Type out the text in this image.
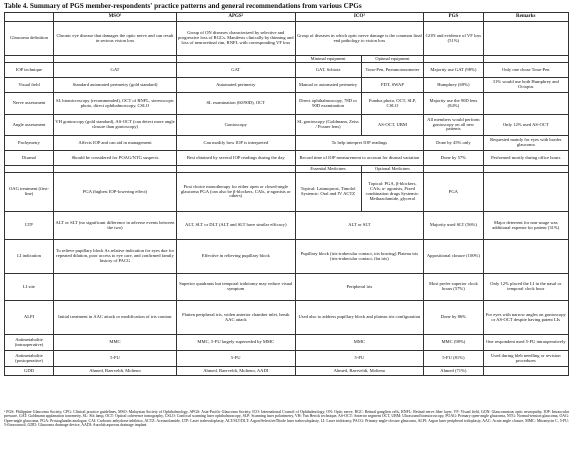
Table 4. Summary of PGS member-respondents' practice patterns and general recommendations from various CPGs
	MSO¹	APGS²	ICO³		PGS	Remarks
Glaucoma definition	Chronic eye disease that damages the optic nerve and can result in serious vision loss	Group of ON diseases characterized by selective and progressive loss of RGCs. Manifests clinically by thinning and loss of neuroretinal rim, RNFL with corresponding VF loss	Group of diseases in which optic nerve damage is the common final end pathology to vision loss		GON and evidence of VF loss (51%)	
			Minimal equipment	Optimal equipment		
IOP technique	GAT	GAT	GAT, Schiotz	Tono-Pen, Pneumotonometer	Majority use GAT (98%)	Only one chose Tono-Pen
Visual field	Standard automated perimetry (gold standard)	Automated perimetry	Manual or automated perimetry	FDT, SWAP	Humphrey (69%)	31% would use both Humphrey and Octopus
Nerve assessment	SL biomicroscopy (recommended), OCT of RNFL, stereoscopic photo, direct ophthalmoscopy, CSLO	SL examination (60/90D), OCT	Direct ophthalmoscopy, 78D or 90D examination	Fundus photo, OCT, SLP, CSLO	Majority use the 90D lens (84%)	
Angle assessment	VH gonioscopy (gold standard), AS-OCT (can detect more angle closure than gonioscopy)	Gonioscopy	SL gonioscopy (Goldmann, Zeiss / Posner lens)	AS-OCT, UBM	All members would perform gonioscopy on all new patients	Only 12% used AS-OCT
Pachymetry	Affects IOP and can aid in management	Can modify how IOP is interpreted	To help interpret IOP readings		Done by 45% only	Requested mainly for eyes with border glaucoma
Diurnal	Should be considered for POAG/NTG suspects	Best obtained by several IOP readings during the day	Record time of IOP measurement to account for diurnal variation		Done by 57%	Performed mostly during office hours
			Essential Medicines	Optional Medicines		
OAG treatment (first-line)	PGA (highest IOP-lowering effect)	First choice monotherapy for either open or closed-angle glaucoma PGA (can also be β-blockers, CAIs, α-agonists or others)	Topical: Latanoprost, Timolol Systemic: Oral and IV ACTZ	Topical: PGA, β-blockers, CAIs, α- agonists, Fixed combination drugs Systemic: Methazolamide, glycerol	PGA	
LTP	ALT or SLT (no significant difference in adverse events between the two)	ALT, SLT or DLT (ALT and SLT have similar efficacy)	ALT or SLT		Majority used SLT (56%)	Major deterrent for non-usage was additional expense for patient (31%)
LI indication	To relieve pupillary block As relative indication for eyes due for repeated dilation, poor access to eye care, and confirmed family history of PACG	Effective in relieving pupillary block	Pupillary block (iris-trabecular contact, iris bowing) Plateau iris (iris-trabecular contact, flat iris)		Appositional closure (100%)	
LI site		Superior quadrants but temporal iridotomy may reduce visual symptom	Peripheral iris		Most prefer superior clock hours (57%)	Only 12% placed the LI in the nasal or temporal clock hour
ALPI	Initial treatment in AAC attack or modification of iris contour	Flatten peripheral iris, widen anterior chamber inlet, break AAC attack	Used also to address pupillary block and plateau iris configuration		Done by 86%	For eyes with narrow angles on gonioscopy or AS-OCT despite having patent LIs
Antimetabolite (intraoperative)	MMC	MMC, 5-FU largely superseded by MMC	MMC		MMC (98%)	One respondent used 5-FU intraoperatively
Antimetabolite (postoperative)	5-FU	5-FU	5-FU		5-FU (81%)	Used during bleb needling or revision procedures
GDD	Ahmed, Baerveldt, Molteno	Ahmed, Baerveldt, Molteno, AADI	Ahmed, Baerveldt, Molteno		Ahmed (71%)	
¹ PGS: Philippine Glaucoma Society, CPG: Clinical practice guidelines, MSO: Malaysian Society of Ophthalmology, APGS: Asia-Pacific Glaucoma Society, ICO: International Council of Ophthalmology, ON: Optic nerve, RGC: Retinal ganglion cells, RNFL: Retinal nerve fiber layer, VF: Visual field, GON: Glaucomatous optic neuropathy, IOP: Intraocular pressure, GAT: Goldmann applanation tonometry, SL: Slit lamp, OCT: Optical coherence tomography, CSLO: Confocal scanning laser ophthalmoscopy, SLP: Scanning laser polarimetry, VH: Van Herick technique, AS-OCT: Anterior segment OCT, UBM: Ultrasound biomicroscopy, POAG: Primary open-angle glaucoma, NTG: Normal-tension glaucoma, OAG: Open-angle glaucoma, PGA: Prostaglandin analogue, CAI: Carbonic anhydrase inhibitor, ACTZ: Acetazolamide, LTP: Laser trabeculoplasty, ALT/SLT/DLT: Argon/Selective/Diode laser trabeculoplasty, LI: Laser iridotomy, PACG: Primary angle-closure glaucoma, ALPI: Argon laser peripheral iridoplasty, AAC: Acute angle closure, MMC: Mitomycin C, 5-FU: 5-fluorouracil, GDD: Glaucoma drainage device, AADI: Aurolab aqueous drainage implant
